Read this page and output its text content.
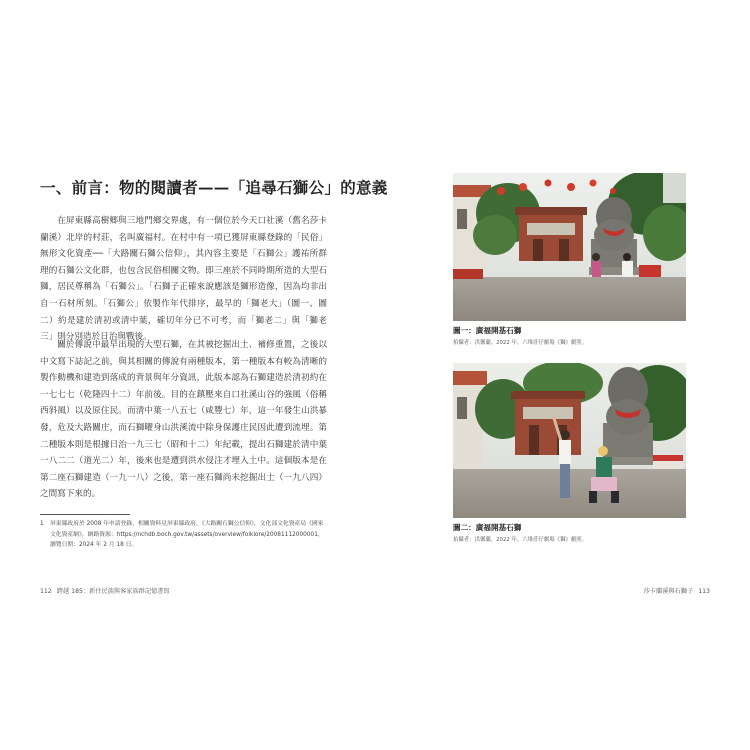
一、前言：物的閱讀者——「追尋石獅公」的意義

在屏東縣高樹鄉與三地門鄉交界處，有一個位於今天口社溪（舊名莎卡蘭溪）北岸的村莊，名叫廣福村。在村中有一項已獲屏東縣登錄的「民俗」無形文化資產──「大路關石獅公信仰」，其內容主要是「石獅公」護祐所群理的石獅公文化群，也包含民俗相關文物。即三座於不同時期所造的大型石獅，居民尊稱為「石獅公」。「石獅子正確來說應該是獅形造像，因為均非出自一石材所刻。「石獅公」依製作年代排序，最早的「獅老大」（圖一、圖二）約是建於清初或清中葉，確切年分已不可考，而「獅老二」與「獅老三」則分別造於日治與戰後。

關於傳說中最早出現的大型石獅，在其被挖掘出土、補修重置，之後以中文寫下誌記之前，與其相關的傳說有兩種版本，第一種版本有較為清晰的製作動機和建造到落成的背景與年分資訊，此版本認為石獅建造於清初約在一七七七（乾隆四十二）年前後。目的在鎮壓來自口社溪山谷的強風（俗稱西斜風）以及原住民。而清中葉一八五七（咸豐七）年，這一年發生山洪暴發，危及大路關庄，而石獅曜身山洪溪流中除身保護庄民因此遭到流埋。第二種版本則是根據日治一九三七（昭和十二）年紀載，提出石獅建於清中葉一八二二（道光二）年，後來也是遭到洪水侵注才埋入土中。這個版本是在第二座石獅建造（一九一八）之後，第一座石獅尚未挖掘出土（一九八四）之間寫下來的。

1 屏東縣政府於 2008 年申請登錄，相關資料見屏東縣政府，《大路關石獅公信仰》，文化部文化資產局《國家文化資產網》，網路資源：https://nchdb.boch.gov.tw/assets/overview/folklore/20081112000001，瀏覽日期：2024 年 2 月 18 日。
112 跨越 185：新住民族與客家族群記憶書寫
圖一：廣福開基石獅
拍攝者：洪馨蘭，2022 年，六堆莊仔劇場《獅》劇照。
圖二：廣福開基石獅
拍攝者：洪馨蘭，2022 年，六堆莊仔劇場《獅》劇照。
莎卡蘭溪與石獅子 113
